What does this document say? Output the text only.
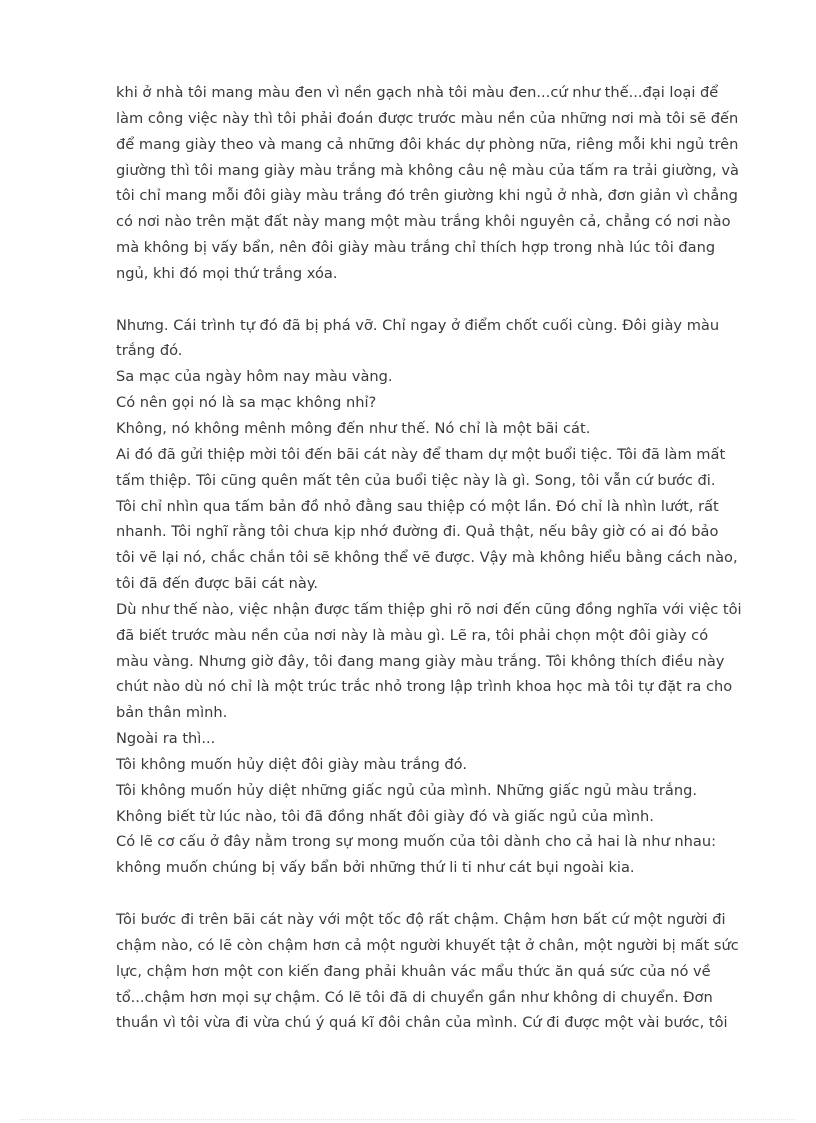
khi ở nhà tôi mang màu đen vì nền gạch nhà tôi màu đen...cứ như thế...đại loại để
làm công việc này thì tôi phải đoán được trước màu nền của những nơi mà tôi sẽ đến
để mang giày theo và mang cả những đôi khác dự phòng nữa, riêng mỗi khi ngủ trên
giường thì tôi mang giày màu trắng mà không câu nệ màu của tấm ra trải giường, và
tôi chỉ mang mỗi đôi giày màu trắng đó trên giường khi ngủ ở nhà, đơn giản vì chẳng
có nơi nào trên mặt đất này mang một màu trắng khôi nguyên cả, chẳng có nơi nào
mà không bị vấy bẩn, nên đôi giày màu trắng chỉ thích hợp trong nhà lúc tôi đang
ngủ, khi đó mọi thứ trắng xóa.
Nhưng. Cái trình tự đó đã bị phá vỡ. Chỉ ngay ở điểm chốt cuối cùng. Đôi giày màu
trắng đó.
Sa mạc của ngày hôm nay màu vàng.
Có nên gọi nó là sa mạc không nhỉ?
Không, nó không mênh mông đến như thế. Nó chỉ là một bãi cát.
Ai đó đã gửi thiệp mời tôi đến bãi cát này để tham dự một buổi tiệc. Tôi đã làm mất
tấm thiệp. Tôi cũng quên mất tên của buổi tiệc này là gì. Song, tôi vẫn cứ bước đi.
Tôi chỉ nhìn qua tấm bản đồ nhỏ đằng sau thiệp có một lần. Đó chỉ là nhìn lướt, rất
nhanh. Tôi nghĩ rằng tôi chưa kịp nhớ đường đi. Quả thật, nếu bây giờ có ai đó bảo
tôi vẽ lại nó, chắc chắn tôi sẽ không thể vẽ được. Vậy mà không hiểu bằng cách nào,
tôi đã đến được bãi cát này.
Dù như thế nào, việc nhận được tấm thiệp ghi rõ nơi đến cũng đồng nghĩa với việc tôi
đã biết trước màu nền của nơi này là màu gì. Lẽ ra, tôi phải chọn một đôi giày có
màu vàng. Nhưng giờ đây, tôi đang mang giày màu trắng. Tôi không thích điều này
chút nào dù nó chỉ là một trúc trắc nhỏ trong lập trình khoa học mà tôi tự đặt ra cho
bản thân mình.
Ngoài ra thì...
Tôi không muốn hủy diệt đôi giày màu trắng đó.
Tôi không muốn hủy diệt những giấc ngủ của mình. Những giấc ngủ màu trắng.
Không biết từ lúc nào, tôi đã đồng nhất đôi giày đó và giấc ngủ của mình.
Có lẽ cơ cấu ở đây nằm trong sự mong muốn của tôi dành cho cả hai là như nhau:
không muốn chúng bị vấy bẩn bởi những thứ li ti như cát bụi ngoài kia.
Tôi bước đi trên bãi cát này với một tốc độ rất chậm. Chậm hơn bất cứ một người đi
chậm nào, có lẽ còn chậm hơn cả một người khuyết tật ở chân, một người bị mất sức
lực, chậm hơn một con kiến đang phải khuân vác mẩu thức ăn quá sức của nó về
tổ...chậm hơn mọi sự chậm. Có lẽ tôi đã di chuyển gần như không di chuyển. Đơn
thuần vì tôi vừa đi vừa chú ý quá kĩ đôi chân của mình. Cứ đi được một vài bước, tôi
